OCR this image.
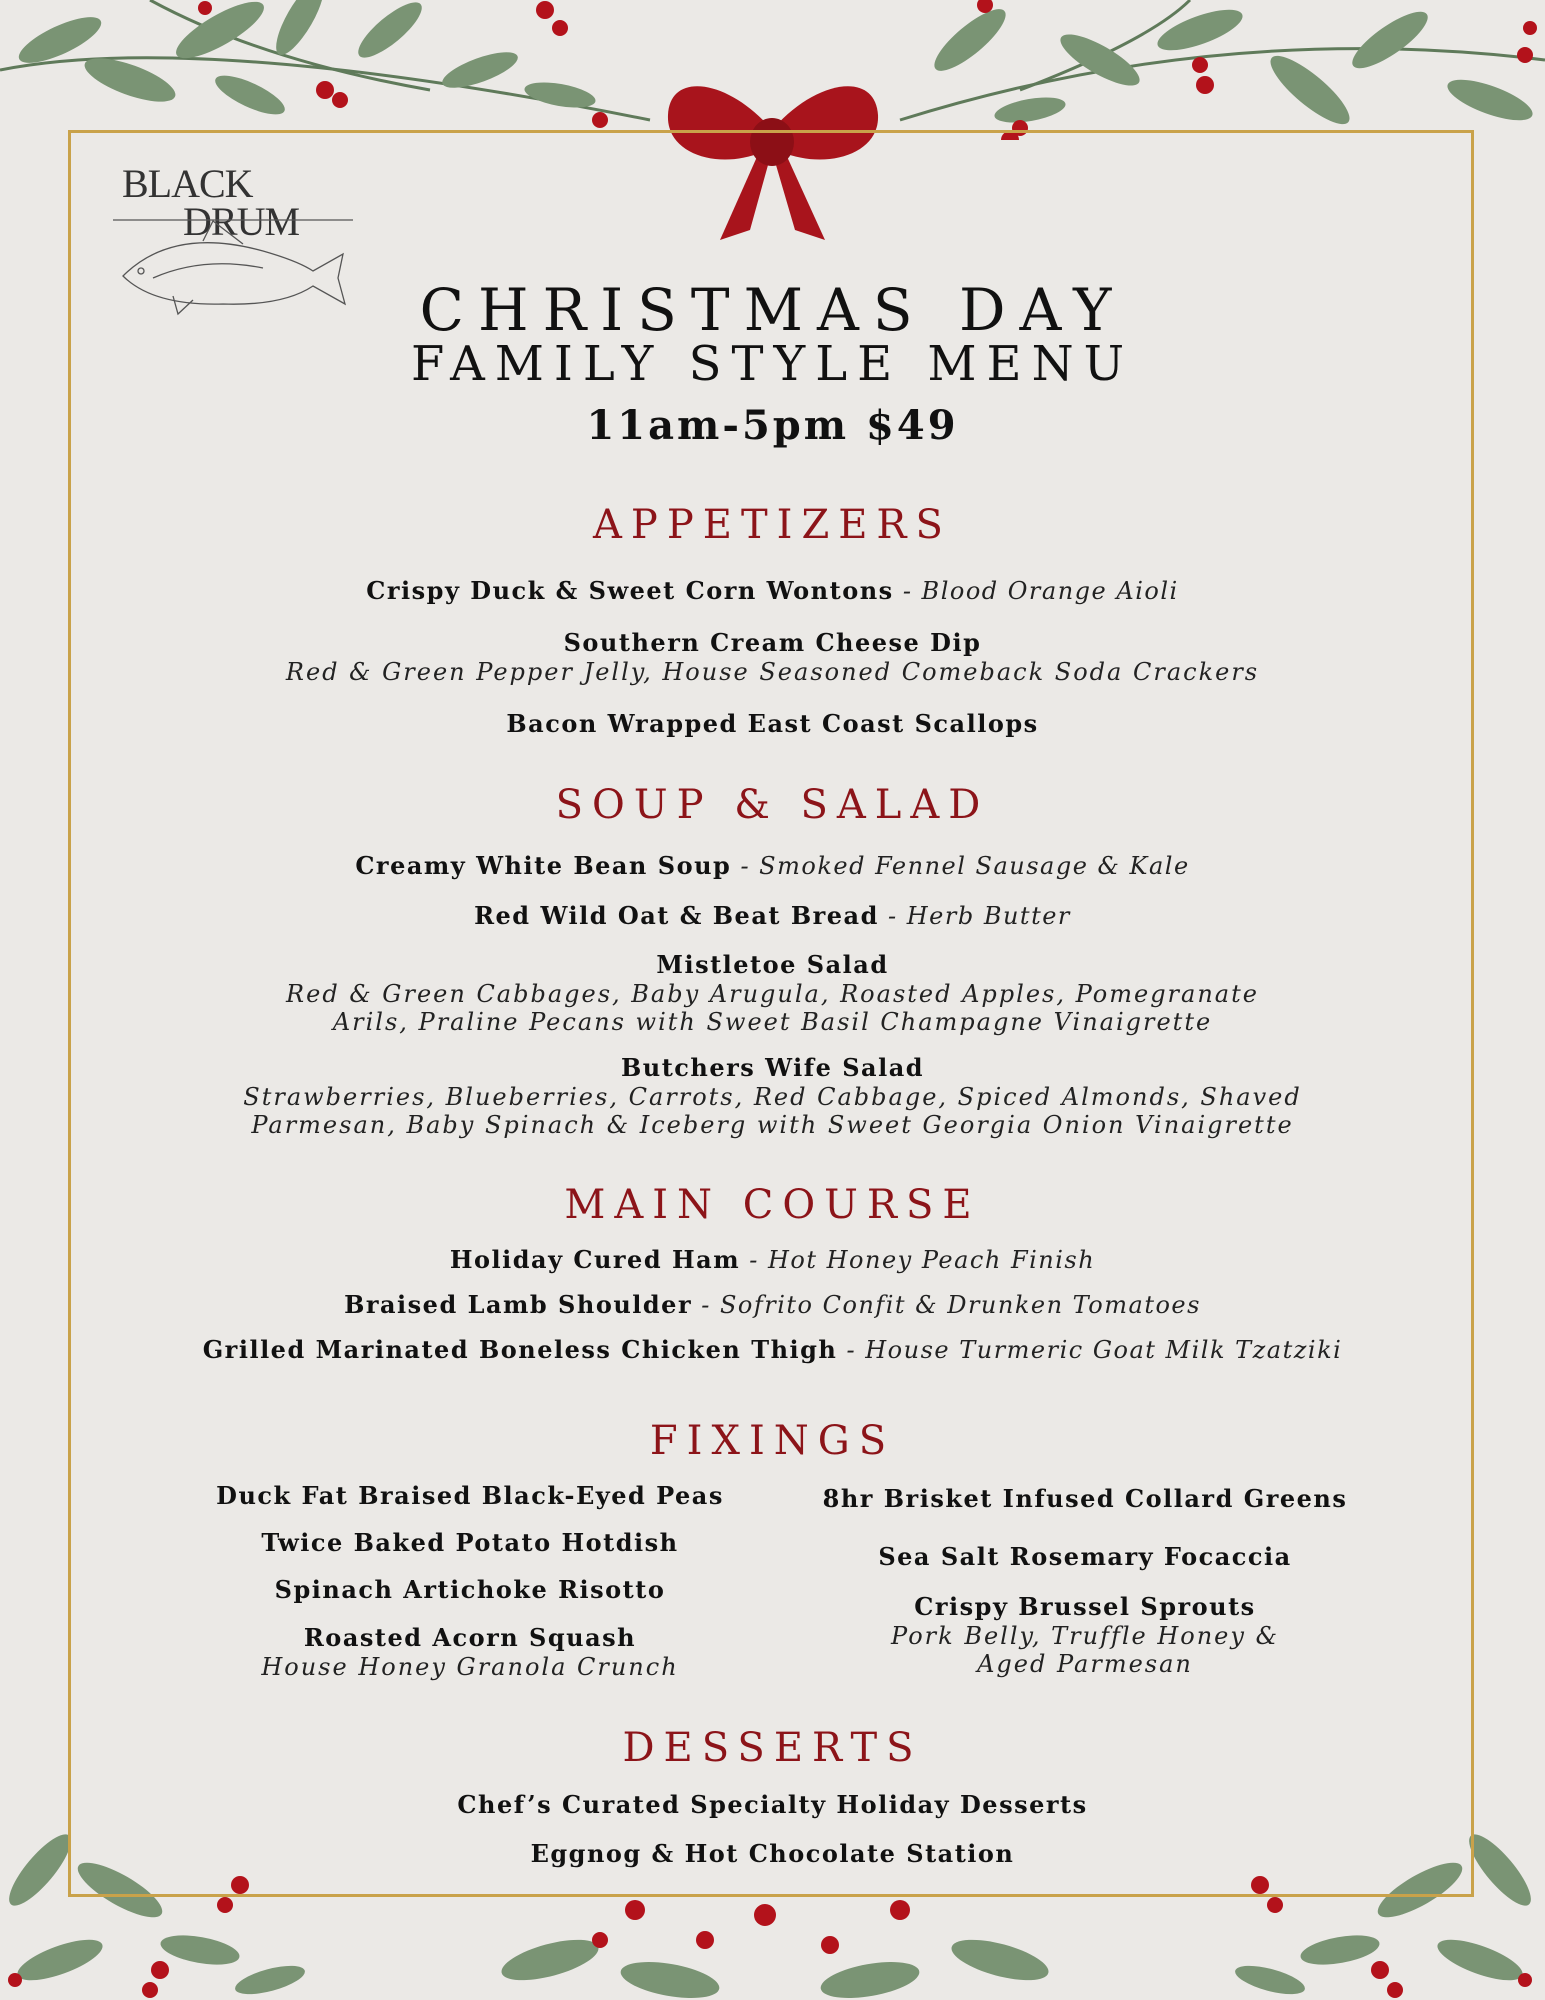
BLACK
DRUM
CHRISTMAS DAY
FAMILY STYLE MENU
11am-5pm $49
APPETIZERS
Crispy Duck & Sweet Corn Wontons - Blood Orange Aioli
Southern Cream Cheese Dip
Red & Green Pepper Jelly, House Seasoned Comeback Soda Crackers
Bacon Wrapped East Coast Scallops
SOUP & SALAD
Creamy White Bean Soup - Smoked Fennel Sausage & Kale
Red Wild Oat & Beat Bread - Herb Butter
Mistletoe Salad
Red & Green Cabbages, Baby Arugula, Roasted Apples, Pomegranate
Arils, Praline Pecans with Sweet Basil Champagne Vinaigrette
Butchers Wife Salad
Strawberries, Blueberries, Carrots, Red Cabbage, Spiced Almonds, Shaved
Parmesan, Baby Spinach & Iceberg with Sweet Georgia Onion Vinaigrette
MAIN COURSE
Holiday Cured Ham - Hot Honey Peach Finish
Braised Lamb Shoulder - Sofrito Confit & Drunken Tomatoes
Grilled Marinated Boneless Chicken Thigh - House Turmeric Goat Milk Tzatziki
FIXINGS
Duck Fat Braised Black-Eyed Peas
Twice Baked Potato Hotdish
Spinach Artichoke Risotto
Roasted Acorn Squash
House Honey Granola Crunch
8hr Brisket Infused Collard Greens
Sea Salt Rosemary Focaccia
Crispy Brussel Sprouts
Pork Belly, Truffle Honey &
Aged Parmesan
DESSERTS
Chef’s Curated Specialty Holiday Desserts
Eggnog & Hot Chocolate Station
